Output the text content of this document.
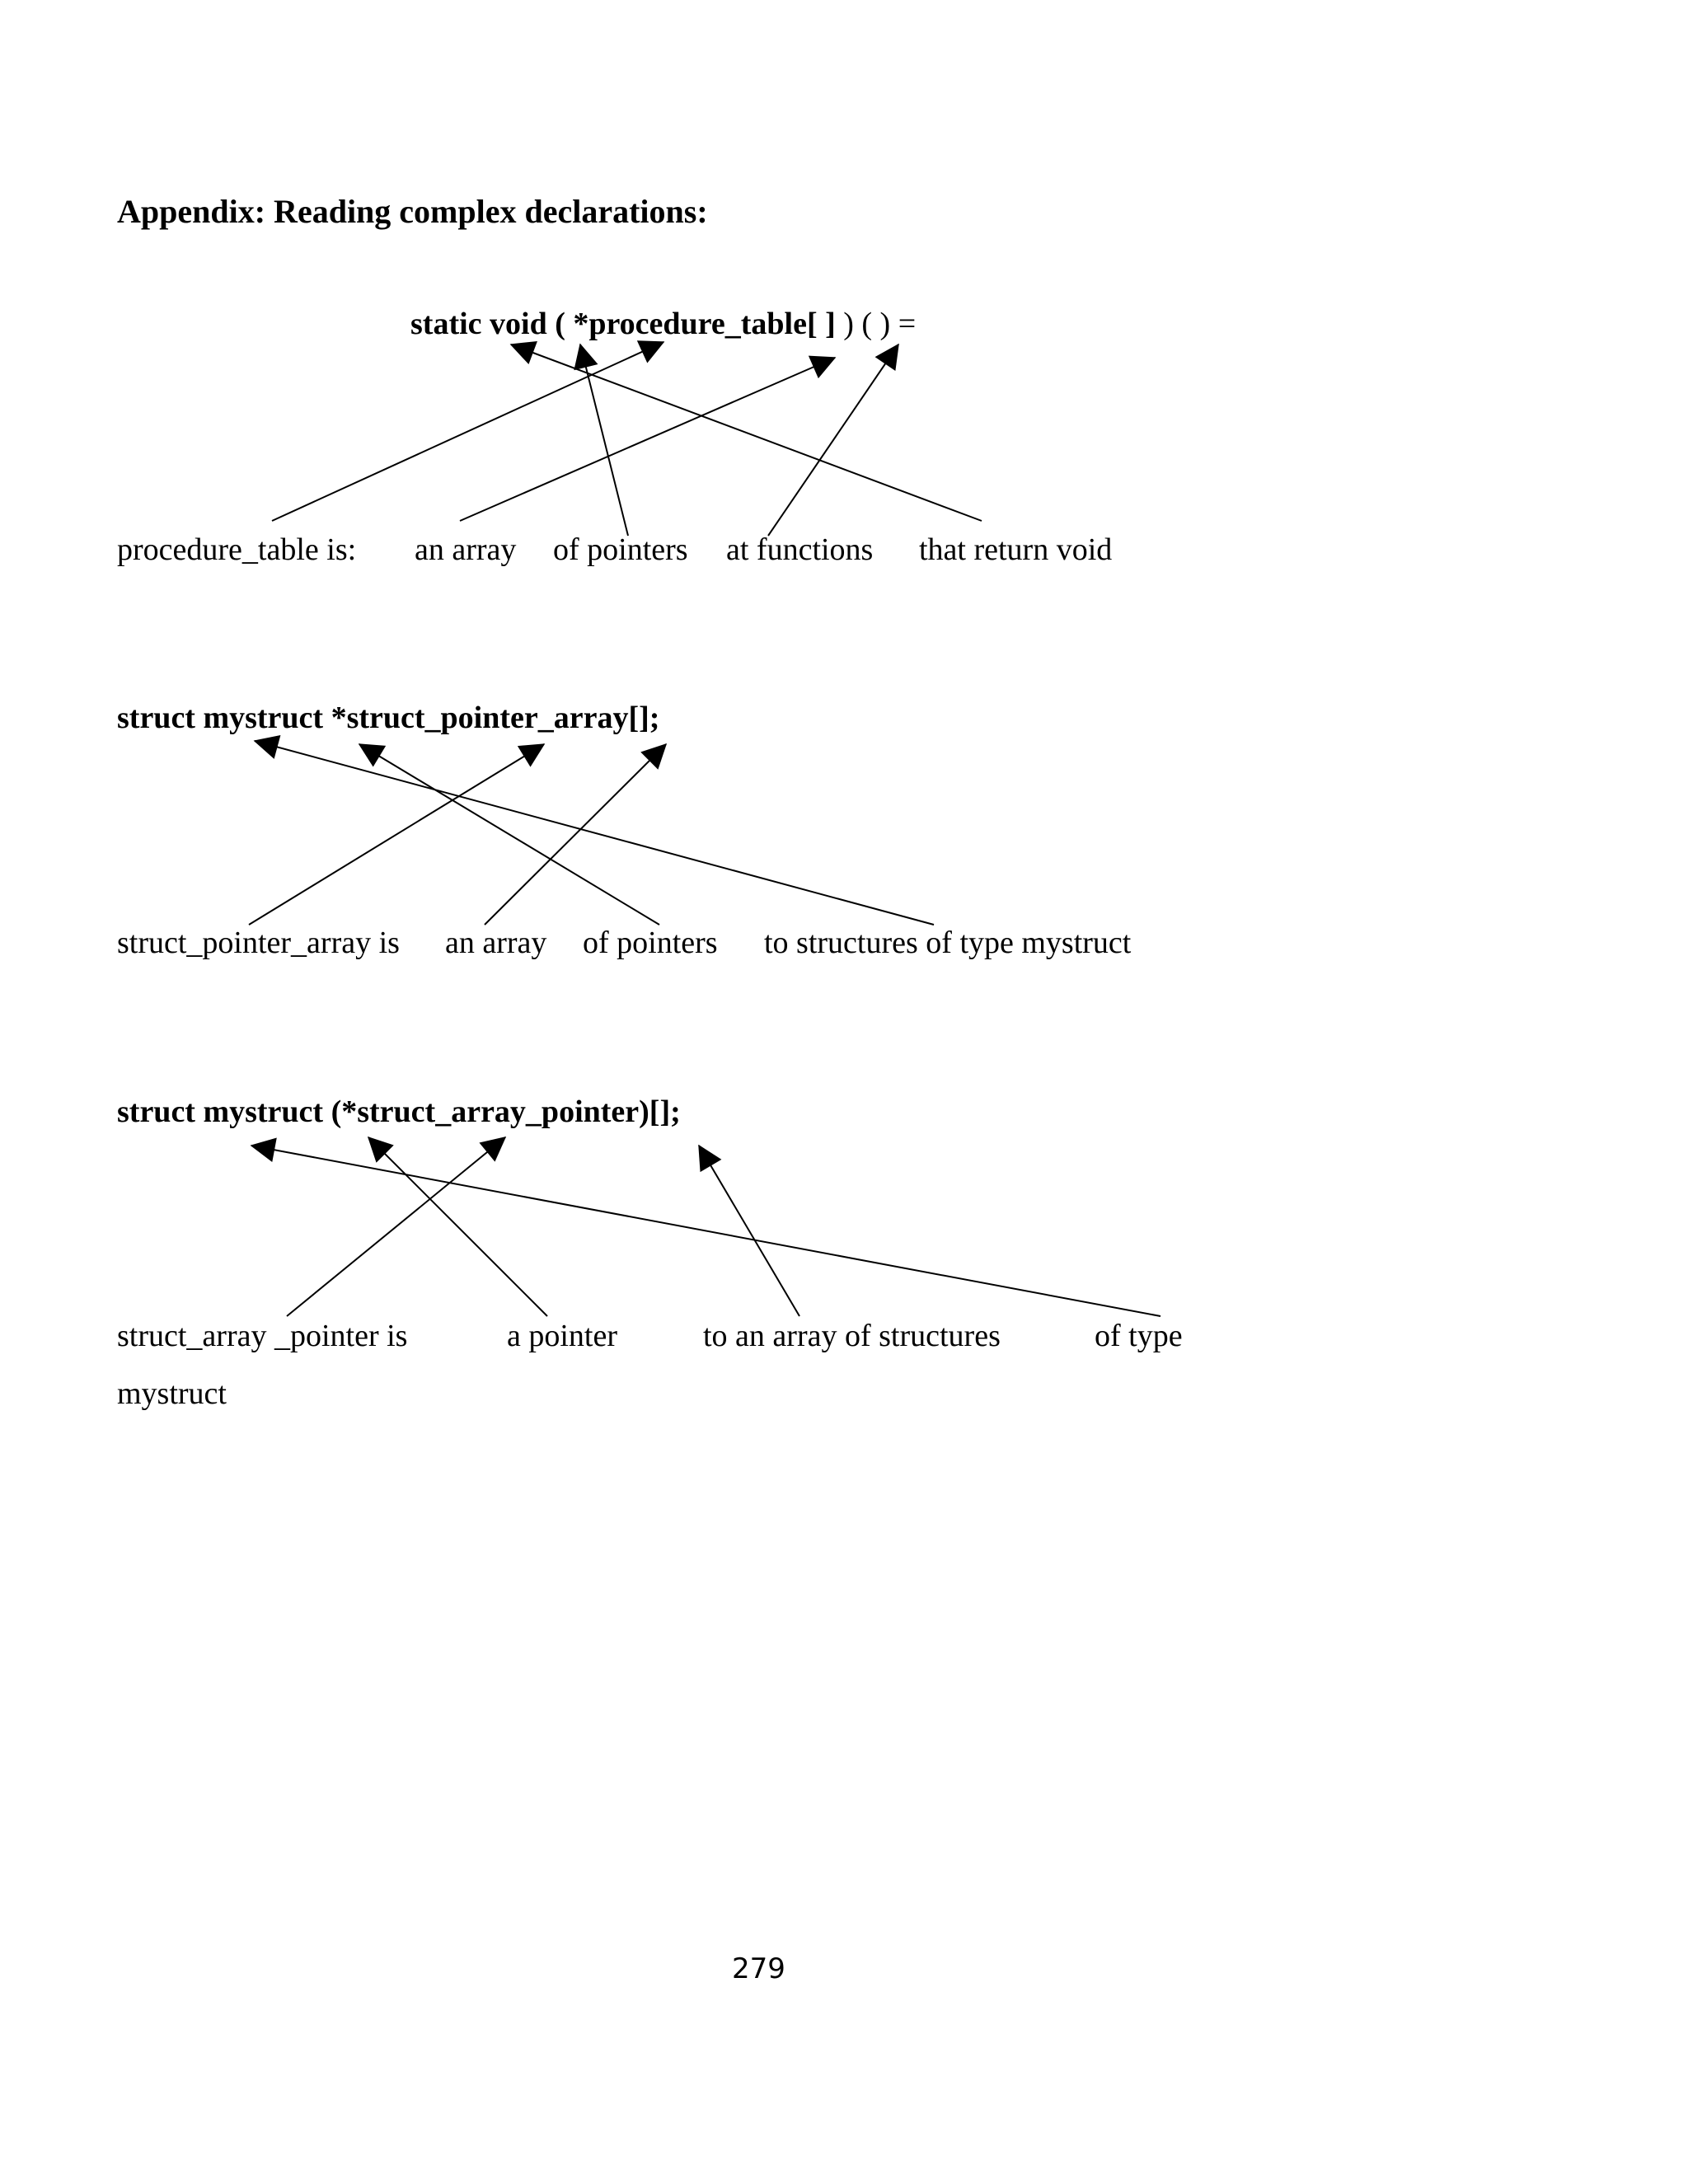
Appendix: Reading complex declarations:
static void ( *procedure_table[ ] ) ( ) =
procedure_table is: an array of pointers at functions that return void
struct mystruct *struct_pointer_array[];
struct_pointer_array is an array of pointers to structures of type mystruct
struct mystruct (*struct_array_pointer)[];
struct_array _pointer is	a pointer	to an array of structures	of type
mystruct
279
